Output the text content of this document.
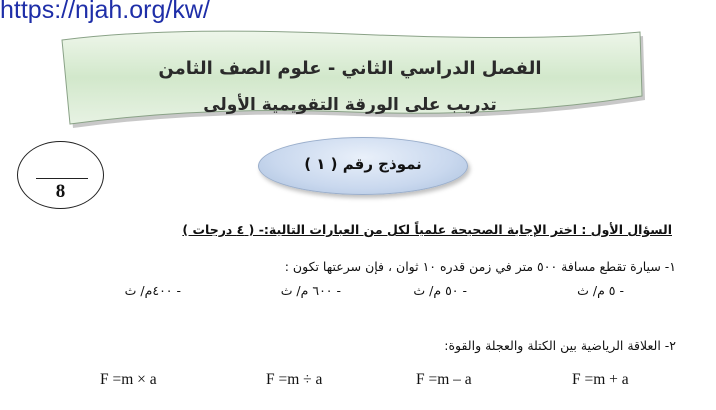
https://njah.org/kw/
الفصل الدراسي الثاني - علوم الصف الثامن
تدريب على الورقة التقويمية الأولى
8
نموذج رقم ( ١ )
السؤال الأول : اختر الإجابة الصحيحة علمياً لكل من العبارات التالية:- ( ٤ درجات )
١- سيارة تقطع مسافة ٥٠٠ متر في زمن قدره ١٠ ثوان ، فإن سرعتها تكون :
- ٥ م/ ث
- ٥٠ م/ ث
- ٦٠٠ م/ ث
- ٤٠٠م/ ث
٢- العلاقة الرياضية بين الكتلة والعجلة والقوة:
F =m + a
F =m – a
F =m ÷ a
F =m × a
